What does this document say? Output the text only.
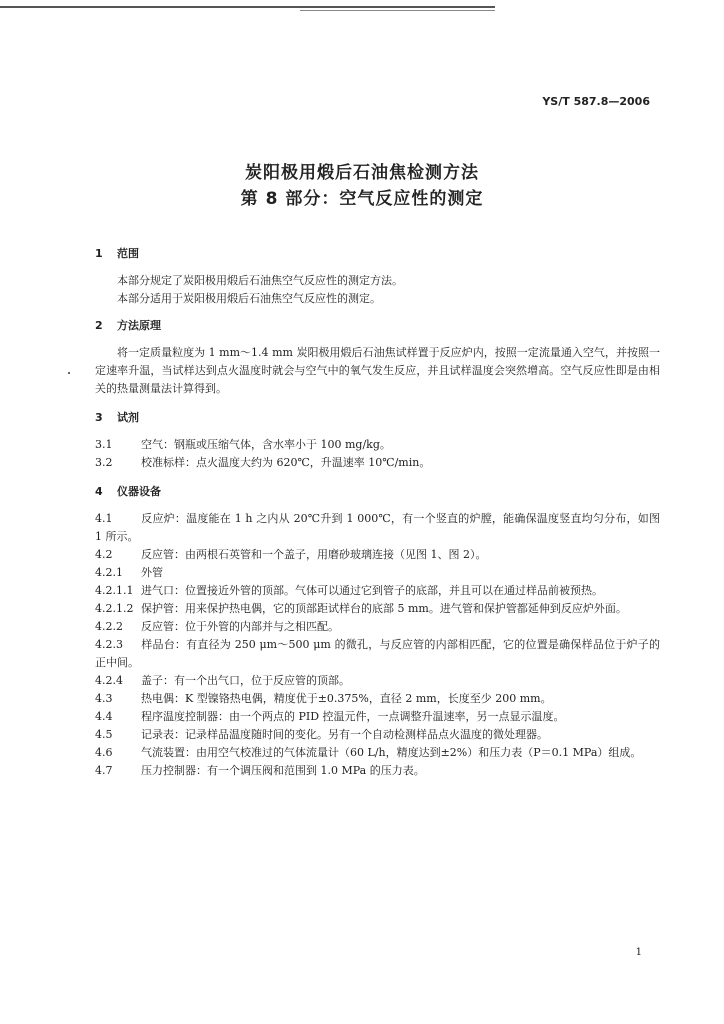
YS/T 587.8—2006
炭阳极用煅后石油焦检测方法
第 8 部分：空气反应性的测定
1 范围
本部分规定了炭阳极用煅后石油焦空气反应性的测定方法。
本部分适用于炭阳极用煅后石油焦空气反应性的测定。
2 方法原理
将一定质量粒度为 1 mm～1.4 mm 炭阳极用煅后石油焦试样置于反应炉内，按照一定流量通入空气，并按照一定速率升温，当试样达到点火温度时就会与空气中的氧气发生反应，并且试样温度会突然增高。空气反应性即是由相关的热量测量法计算得到。
3 试剂
3.1	空气：钢瓶或压缩气体，含水率小于 100 mg/kg。
3.2	校准标样：点火温度大约为 620℃，升温速率 10℃/min。
4 仪器设备
4.1	反应炉：温度能在 1 h 之内从 20℃升到 1 000℃，有一个竖直的炉膛，能确保温度竖直均匀分布，如图 1 所示。
4.2	反应管：由两根石英管和一个盖子，用磨砂玻璃连接（见图 1、图 2）。
4.2.1 外管
4.2.1.1 进气口：位置接近外管的顶部。气体可以通过它到管子的底部，并且可以在通过样品前被预热。
4.2.1.2 保护管：用来保护热电偶，它的顶部距试样台的底部 5 mm。进气管和保护管都延伸到反应炉外面。
4.2.2 反应管：位于外管的内部并与之相匹配。
4.2.3 样品台：有直径为 250 μm～500 μm 的微孔，与反应管的内部相匹配，它的位置是确保样品位于炉子的正中间。
4.2.4 盖子：有一个出气口，位于反应管的顶部。
4.3	热电偶：K 型镍铬热电偶，精度优于±0.375%，直径 2 mm，长度至少 200 mm。
4.4	程序温度控制器：由一个两点的 PID 控温元件，一点调整升温速率，另一点显示温度。
4.5	记录表：记录样品温度随时间的变化。另有一个自动检测样品点火温度的微处理器。
4.6	气流装置：由用空气校准过的气体流量计（60 L/h，精度达到±2%）和压力表（P＝0.1 MPa）组成。
4.7	压力控制器：有一个调压阀和范围到 1.0 MPa 的压力表。
1
